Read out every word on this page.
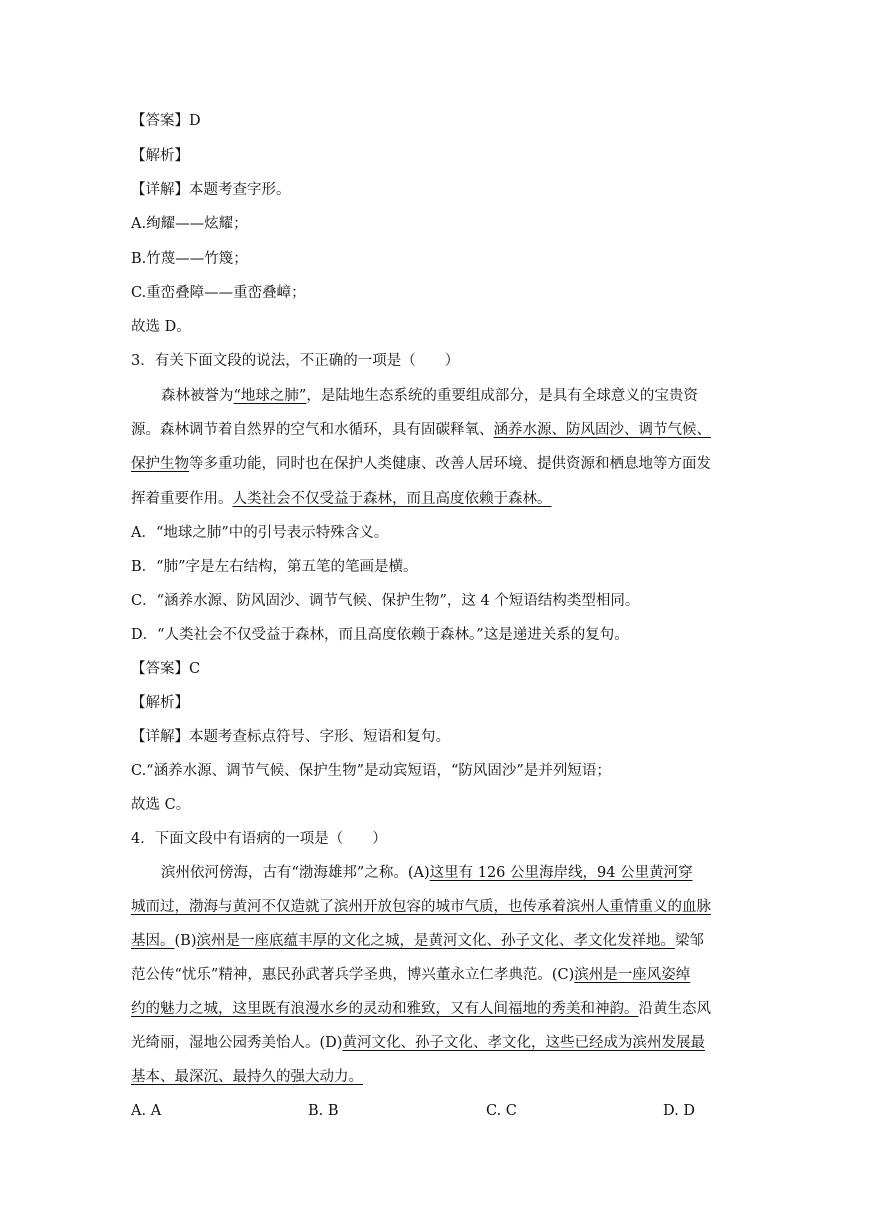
【答案】D
【解析】
【详解】本题考查字形。
A.绚耀——炫耀；
B.竹蔑——竹篾；
C.重峦叠障——重峦叠嶂；
故选 D。
3．有关下面文段的说法，不正确的一项是（　　）
森林被誉为“地球之肺”，是陆地生态系统的重要组成部分，是具有全球意义的宝贵资
源。森林调节着自然界的空气和水循环，具有固碳释氧、涵养水源、防风固沙、调节气候、
保护生物等多重功能，同时也在保护人类健康、改善人居环境、提供资源和栖息地等方面发
挥着重要作用。人类社会不仅受益于森林，而且高度依赖于森林。
A．“地球之肺”中的引号表示特殊含义。
B．“肺”字是左右结构，第五笔的笔画是横。
C．“涵养水源、防风固沙、调节气候、保护生物”，这 4 个短语结构类型相同。
D．“人类社会不仅受益于森林，而且高度依赖于森林。”这是递进关系的复句。
【答案】C
【解析】
【详解】本题考查标点符号、字形、短语和复句。
C.“涵养水源、调节气候、保护生物”是动宾短语，“防风固沙”是并列短语；
故选 C。
4．下面文段中有语病的一项是（　　）
滨州依河傍海，古有“渤海雄邦”之称。(A)这里有 126 公里海岸线，94 公里黄河穿
城而过，渤海与黄河不仅造就了滨州开放包容的城市气质，也传承着滨州人重情重义的血脉
基因。(B)滨州是一座底蕴丰厚的文化之城，是黄河文化、孙子文化、孝文化发祥地。梁邹
范公传“忧乐”精神，惠民孙武著兵学圣典，博兴董永立仁孝典范。(C)滨州是一座风姿绰
约的魅力之城，这里既有浪漫水乡的灵动和雅致，又有人间福地的秀美和神韵。沿黄生态风
光绮丽，湿地公园秀美怡人。(D)黄河文化、孙子文化、孝文化，这些已经成为滨州发展最
基本、最深沉、最持久的强大动力。
A. A	B. B	C. C	D. D
